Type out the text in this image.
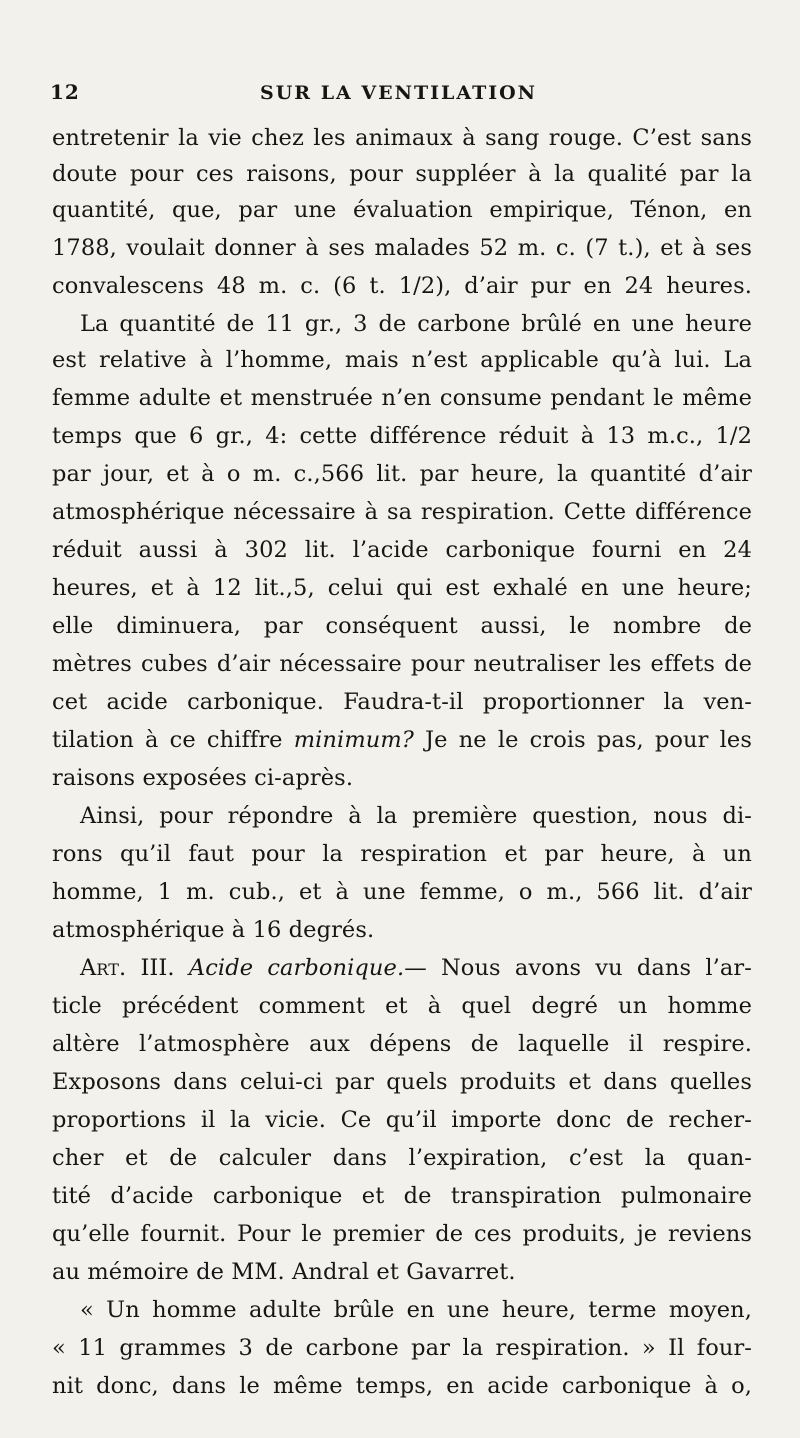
12	SUR LA VENTILATION
entretenir la vie chez les animaux à sang rouge. C’est sans
doute pour ces raisons, pour suppléer à la qualité par la
quantité, que, par une évaluation empirique, Ténon, en
1788, voulait donner à ses malades 52 m. c. (7 t.), et à ses
convalescens 48 m. c. (6 t. 1/2), d’air pur en 24 heures.
La quantité de 11 gr., 3 de carbone brûlé en une heure
est relative à l’homme, mais n’est applicable qu’à lui. La
femme adulte et menstruée n’en consume pendant le même
temps que 6 gr., 4: cette différence réduit à 13 m.c., 1/2
par jour, et à o m. c.,566 lit. par heure, la quantité d’air
atmosphérique nécessaire à sa respiration. Cette différence
réduit aussi à 302 lit. l’acide carbonique fourni en 24
heures, et à 12 lit.,5, celui qui est exhalé en une heure;
elle diminuera, par conséquent aussi, le nombre de
mètres cubes d’air nécessaire pour neutraliser les effets de
cet acide carbonique. Faudra-t-il proportionner la ven-
tilation à ce chiffre minimum? Je ne le crois pas, pour les
raisons exposées ci-après.
Ainsi, pour répondre à la première question, nous di-
rons qu’il faut pour la respiration et par heure, à un
homme, 1 m. cub., et à une femme, o m., 566 lit. d’air
atmosphérique à 16 degrés.
Art. III. Acide carbonique.— Nous avons vu dans l’ar-
ticle précédent comment et à quel degré un homme
altère l’atmosphère aux dépens de laquelle il respire.
Exposons dans celui-ci par quels produits et dans quelles
proportions il la vicie. Ce qu’il importe donc de recher-
cher et de calculer dans l’expiration, c’est la quan-
tité d’acide carbonique et de transpiration pulmonaire
qu’elle fournit. Pour le premier de ces produits, je reviens
au mémoire de MM. Andral et Gavarret.
« Un homme adulte brûle en une heure, terme moyen,
« 11 grammes 3 de carbone par la respiration. » Il four-
nit donc, dans le même temps, en acide carbonique à o,
